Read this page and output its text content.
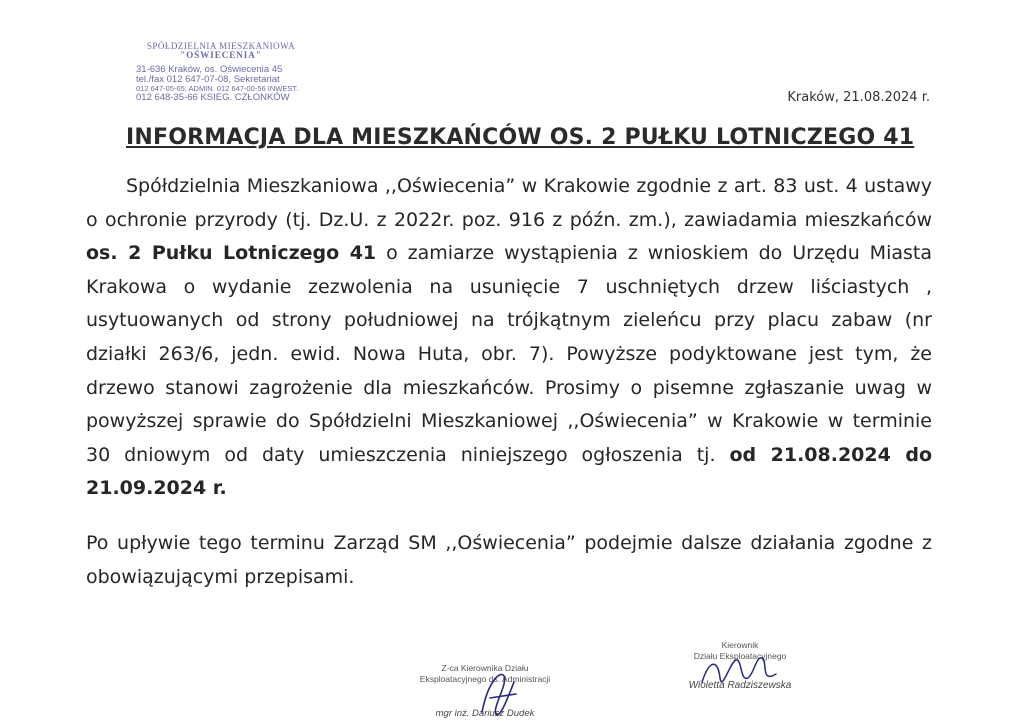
SPÓŁDZIELNIA MIESZKANIOWA
"OŚWIECENIA"
31-636 Kraków, os. Oświecenia 45
tel./fax 012 647-07-08, Sekretariat
012 647-05-65, ADMIN. 012 647-00-56 INWEST.
012 648-35-66 KSIEG. CZŁONKÓW	Kraków, 21.08.2024 r.
INFORMACJA DLA MIESZKAŃCÓW OS. 2 PUŁKU LOTNICZEGO 41

Spółdzielnia Mieszkaniowa ,,Oświecenia” w Krakowie zgodnie z art. 83 ust. 4 ustawy o ochronie przyrody (tj. Dz.U. z 2022r. poz. 916 z późn. zm.), zawiadamia mieszkańców os. 2 Pułku Lotniczego 41 o zamiarze wystąpienia z wnioskiem do Urzędu Miasta Krakowa o wydanie zezwolenia na usunięcie 7 uschniętych drzew liściastych , usytuowanych od strony południowej na trójkątnym zieleńcu przy placu zabaw (nr działki 263/6, jedn. ewid. Nowa Huta, obr. 7). Powyższe podyktowane jest tym, że drzewo stanowi zagrożenie dla mieszkańców. Prosimy o pisemne zgłaszanie uwag w powyższej sprawie do Spółdzielni Mieszkaniowej ,,Oświecenia” w Krakowie w terminie 30 dniowym od daty umieszczenia niniejszego ogłoszenia tj. od 21.08.2024 do 21.09.2024 r.

Po upływie tego terminu Zarząd SM ,,Oświecenia” podejmie dalsze działania zgodne z obowiązującymi przepisami.

Z-ca Kierownika Działu
Eksploatacyjnego ds. Administracji
mgr inż. Dariusz Dudek
Kierownik
Działu Eksploatacyjnego
Wioletta Radziszewska
